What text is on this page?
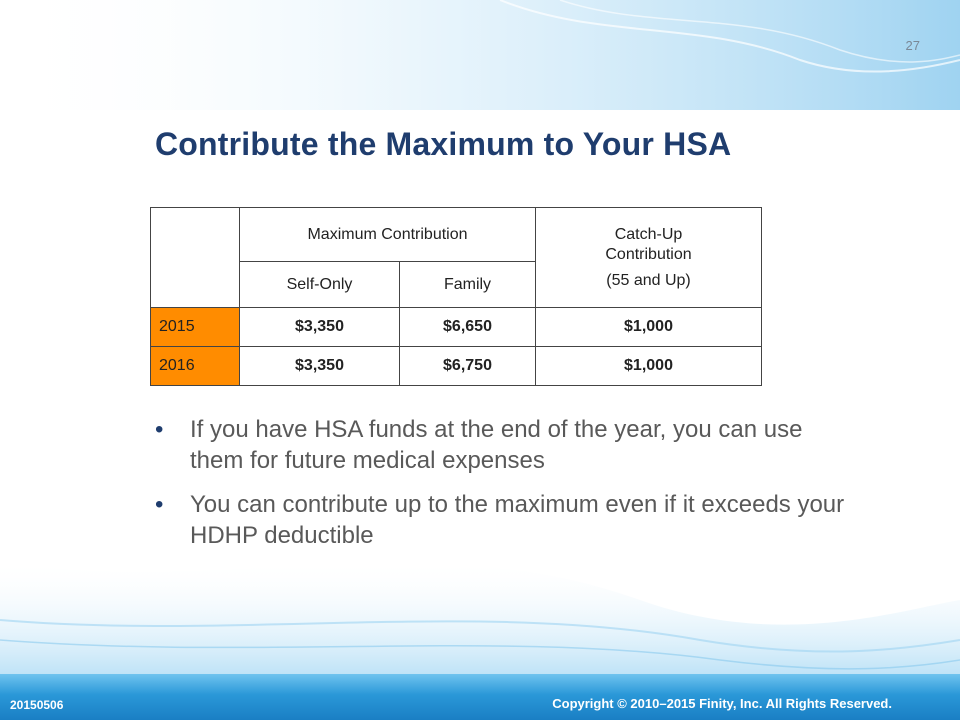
27
Contribute the Maximum to Your HSA
	Maximum Contribution		Catch-Up
Contribution
(55 and Up)

	Self-Only	Family	
2015	$3,350	$6,650	$1,000
2016	$3,350	$6,750	$1,000
• If you have HSA funds at the end of the year, you can use them for future medical expenses
• You can contribute up to the maximum even if it exceeds your HDHP deductible
20150506	Copyright © 2010–2015 Finity, Inc. All Rights Reserved.
